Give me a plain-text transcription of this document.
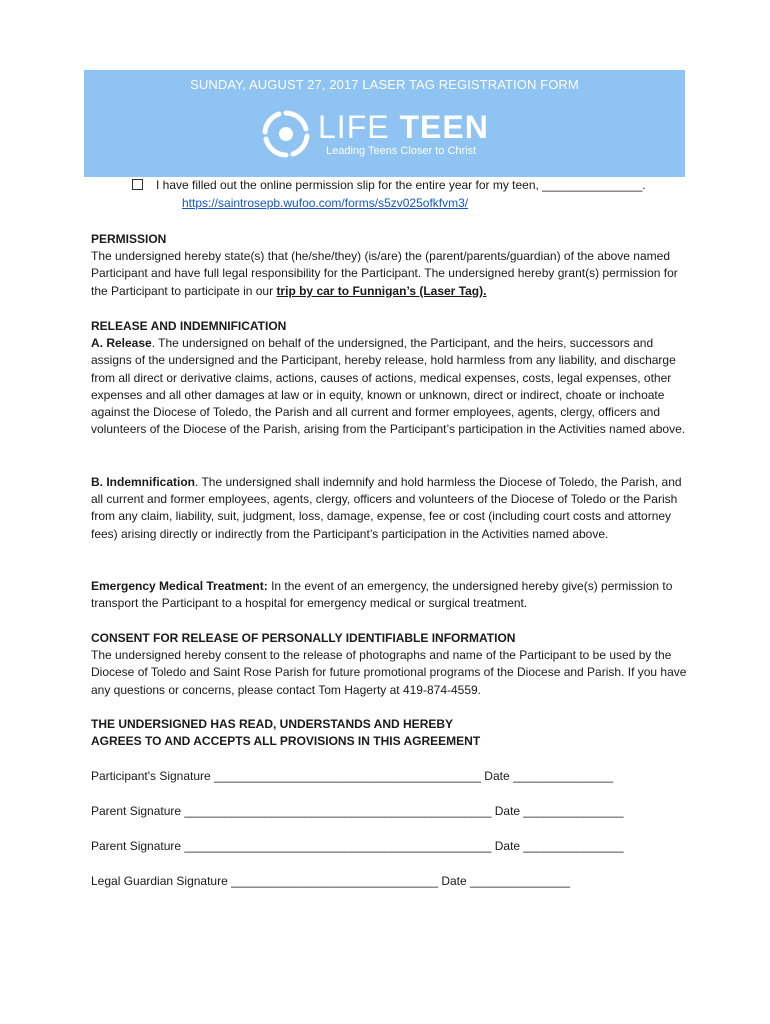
SUNDAY, AUGUST 27, 2017 LASER TAG REGISTRATION FORM
LIFE TEEN
Leading Teens Closer to Christ
I have filled out the online permission slip for the entire year for my teen, _______________.
https://saintrosepb.wufoo.com/forms/s5zv025ofkfvm3/
PERMISSION
The undersigned hereby state(s) that (he/she/they) (is/are) the (parent/parents/guardian) of the above named Participant and have full legal responsibility for the Participant. The undersigned hereby grant(s) permission for the Participant to participate in our trip by car to Funnigan’s (Laser Tag).
RELEASE AND INDEMNIFICATION
A. Release. The undersigned on behalf of the undersigned, the Participant, and the heirs, successors and assigns of the undersigned and the Participant, hereby release, hold harmless from any liability, and discharge from all direct or derivative claims, actions, causes of actions, medical expenses, costs, legal expenses, other expenses and all other damages at law or in equity, known or unknown, direct or indirect, choate or inchoate against the Diocese of Toledo, the Parish and all current and former employees, agents, clergy, officers and volunteers of the Diocese of the Parish, arising from the Participant’s participation in the Activities named above.
B. Indemnification. The undersigned shall indemnify and hold harmless the Diocese of Toledo, the Parish, and all current and former employees, agents, clergy, officers and volunteers of the Diocese of Toledo or the Parish from any claim, liability, suit, judgment, loss, damage, expense, fee or cost (including court costs and attorney fees) arising directly or indirectly from the Participant’s participation in the Activities named above.
Emergency Medical Treatment: In the event of an emergency, the undersigned hereby give(s) permission to transport the Participant to a hospital for emergency medical or surgical treatment.
CONSENT FOR RELEASE OF PERSONALLY IDENTIFIABLE INFORMATION
The undersigned hereby consent to the release of photographs and name of the Participant to be used by the Diocese of Toledo and Saint Rose Parish for future promotional programs of the Diocese and Parish. If you have any questions or concerns, please contact Tom Hagerty at 419-874-4559.
THE UNDERSIGNED HAS READ, UNDERSTANDS AND HEREBY
AGREES TO AND ACCEPTS ALL PROVISIONS IN THIS AGREEMENT
Participant's Signature ________________________________________ Date _______________
Parent Signature ______________________________________________ Date _______________
Parent Signature ______________________________________________ Date _______________
Legal Guardian Signature _______________________________ Date _______________
